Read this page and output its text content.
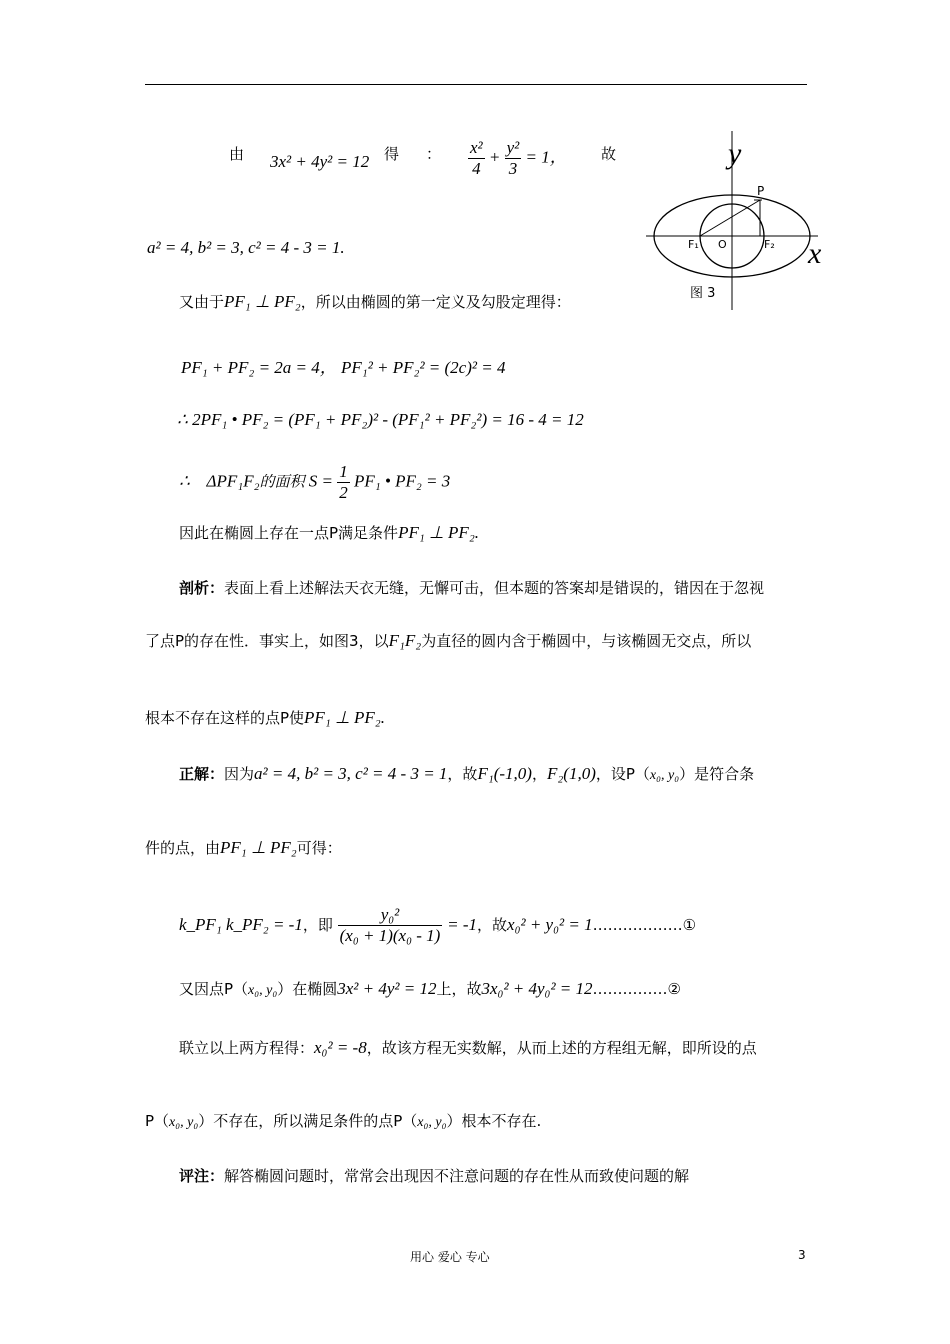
由 3x² + 4y² = 12 得 ： $\frac{\text{x²}}{4} + \frac{\text{y²}}{3} = 1$， 故
a² = 4, b² = 3, c² = 4 - 3 = 1.
又由于PF₁ ⊥ PF₂，所以由椭圆的第一定义及勾股定理得：
PF₁ + PF₂ = 2a = 4， PF₁² + PF₂² = (2c)² = 4
∴ 2PF₁ • PF₂ = (PF₁ + PF₂)² - (PF₁² + PF₂²) = 16 - 4 = 12
∴ ΔPF₁F₂的面积 $S = \frac{1}{2} PF_1$ • PF₂ = 3
因此在椭圆上存在一点P满足条件PF₁ ⊥ PF₂.
剖析：表面上看上述解法天衣无缝，无懈可击，但本题的答案却是错误的，错因在于忽视
了点P的存在性．事实上，如图3，以F₁F₂为直径的圆内含于椭圆中，与该椭圆无交点，所以
根本不存在这样的点P使PF₁ ⊥ PF₂.
正解：因为a² = 4, b² = 3, c² = 4 - 3 = 1，故F₁(-1,0)，F₂(1,0)，设P（x₀, y₀）是符合条
件的点，由PF₁ ⊥ PF₂可得：
k_PF₁ k_PF₂ = -1，即 $\frac{\text{y₀²}}{\text{(x₀ + 1)(x₀ - 1)}} = -1$，故x₀² + y₀² = 1………………①
又因点P（x₀, y₀）在椭圆3x² + 4y² = 12上，故3x₀² + 4y₀² = 12……………②
联立以上两方程得：x₀² = -8，故该方程无实数解，从而上述的方程组无解，即所设的点
P（x₀, y₀）不存在，所以满足条件的点P（x₀, y₀）根本不存在.
评注：解答椭圆问题时，常常会出现因不注意问题的存在性从而致使问题的解
y
x
P
F₁ O	F₂
图 3
用心 爱心 专心	3
